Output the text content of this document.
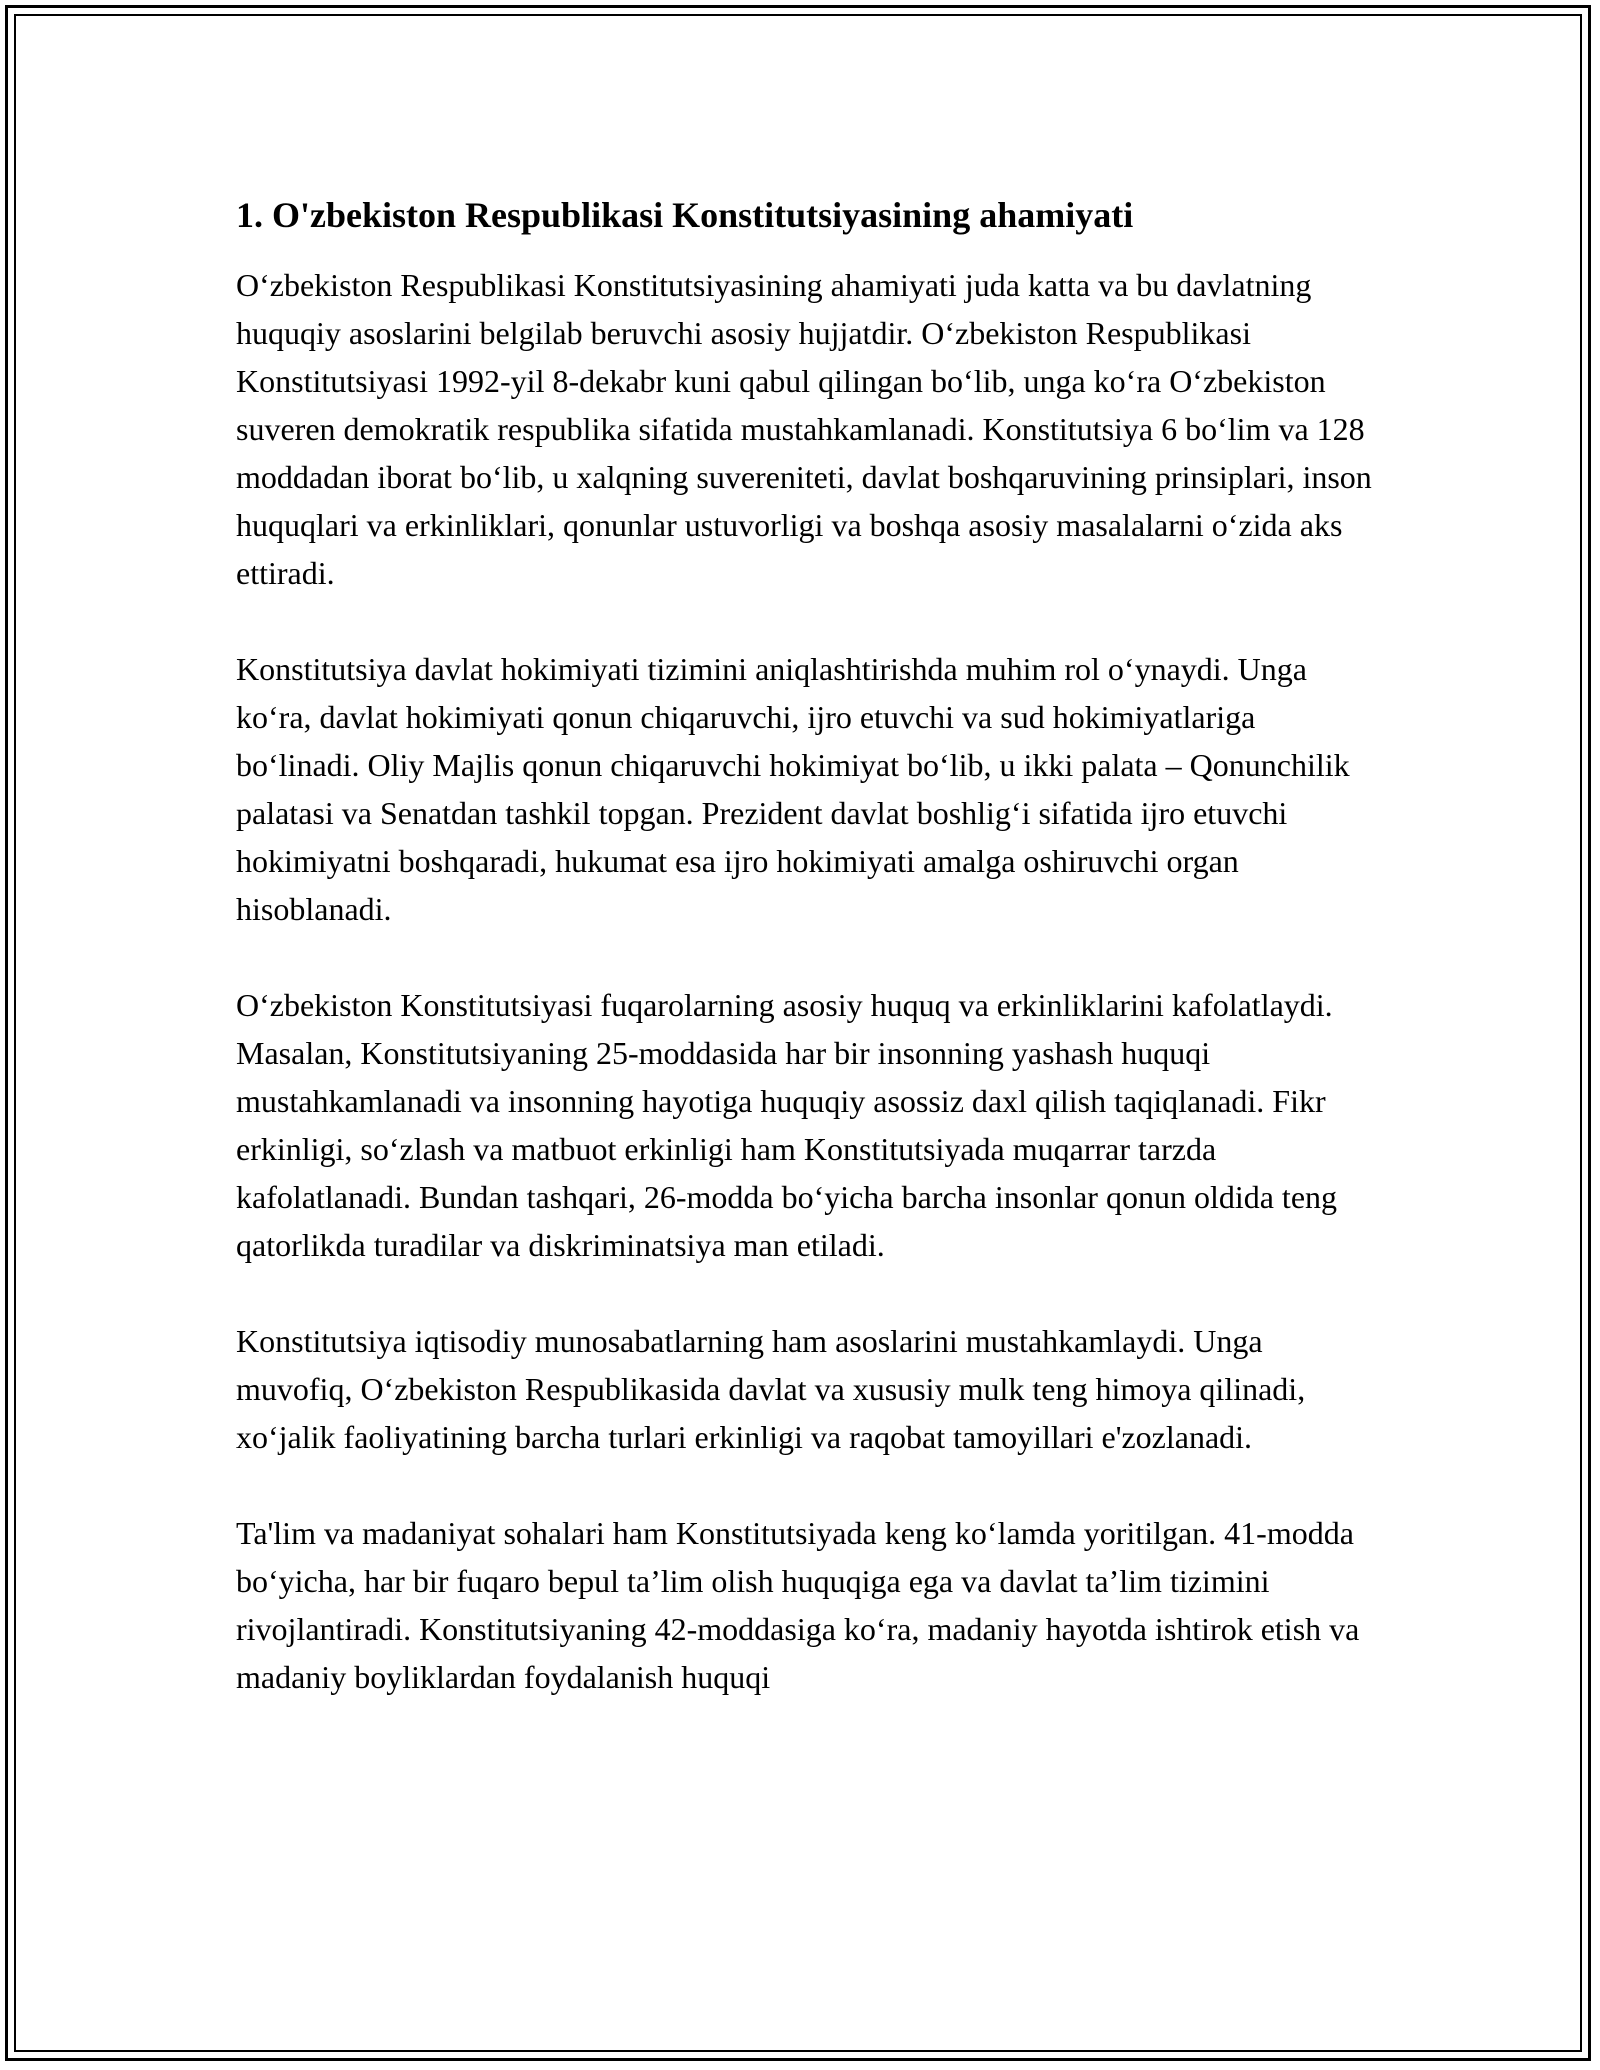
1. O'zbekiston Respublikasi Konstitutsiyasining ahamiyati

O‘zbekiston Respublikasi Konstitutsiyasining ahamiyati juda katta va bu davlatning huquqiy asoslarini belgilab beruvchi asosiy hujjatdir. O‘zbekiston Respublikasi Konstitutsiyasi 1992-yil 8-dekabr kuni qabul qilingan bo‘lib, unga ko‘ra O‘zbekiston suveren demokratik respublika sifatida mustahkamlanadi. Konstitutsiya 6 bo‘lim va 128 moddadan iborat bo‘lib, u xalqning suvereniteti, davlat boshqaruvining prinsiplari, inson huquqlari va erkinliklari, qonunlar ustuvorligi va boshqa asosiy masalalarni o‘zida aks ettiradi.

Konstitutsiya davlat hokimiyati tizimini aniqlashtirishda muhim rol o‘ynaydi. Unga ko‘ra, davlat hokimiyati qonun chiqaruvchi, ijro etuvchi va sud hokimiyatlariga bo‘linadi. Oliy Majlis qonun chiqaruvchi hokimiyat bo‘lib, u ikki palata – Qonunchilik palatasi va Senatdan tashkil topgan. Prezident davlat boshlig‘i sifatida ijro etuvchi hokimiyatni boshqaradi, hukumat esa ijro hokimiyati amalga oshiruvchi organ hisoblanadi.

O‘zbekiston Konstitutsiyasi fuqarolarning asosiy huquq va erkinliklarini kafolatlaydi. Masalan, Konstitutsiyaning 25-moddasida har bir insonning yashash huquqi mustahkamlanadi va insonning hayotiga huquqiy asossiz daxl qilish taqiqlanadi. Fikr erkinligi, so‘zlash va matbuot erkinligi ham Konstitutsiyada muqarrar tarzda kafolatlanadi. Bundan tashqari, 26-modda bo‘yicha barcha insonlar qonun oldida teng qatorlikda turadilar va diskriminatsiya man etiladi.

Konstitutsiya iqtisodiy munosabatlarning ham asoslarini mustahkamlaydi. Unga muvofiq, O‘zbekiston Respublikasida davlat va xususiy mulk teng himoya qilinadi, xo‘jalik faoliyatining barcha turlari erkinligi va raqobat tamoyillari e'zozlanadi.

Ta'lim va madaniyat sohalari ham Konstitutsiyada keng ko‘lamda yoritilgan. 41-modda bo‘yicha, har bir fuqaro bepul ta’lim olish huquqiga ega va davlat ta’lim tizimini rivojlantiradi. Konstitutsiyaning 42-moddasiga ko‘ra, madaniy hayotda ishtirok etish va madaniy boyliklardan foydalanish huquqi
